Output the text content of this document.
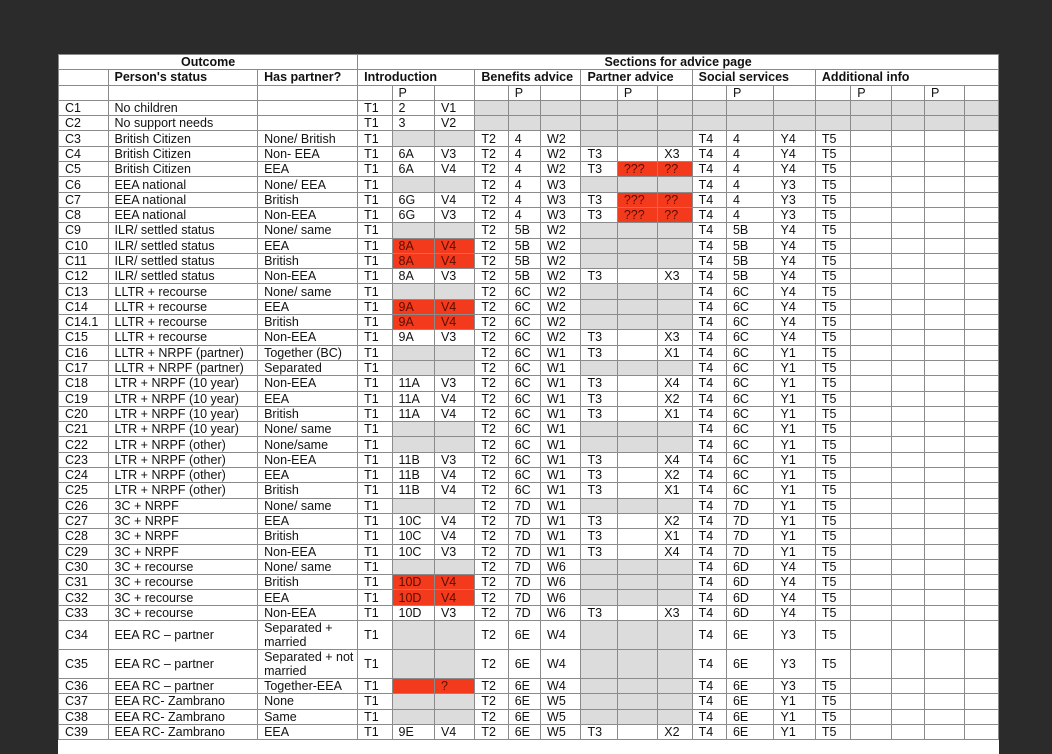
Outcome			Sections for advice page																
	Person's status	Has partner?	Introduction			Benefits advice			Partner advice			Social services			Additional info				
				P			P			P			P			P		P	
C1	No children		T1	2	V1														
C2	No support needs		T1	3	V2														
C3	British Citizen	None/ British	T1			T2	4	W2				T4	4	Y4	T5				
C4	British Citizen	Non- EEA	T1	6A	V3	T2	4	W2	T3		X3	T4	4	Y4	T5				
C5	British Citizen	EEA	T1	6A	V4	T2	4	W2	T3	???	??	T4	4	Y4	T5				
C6	EEA national	None/ EEA	T1			T2	4	W3				T4	4	Y3	T5				
C7	EEA national	British	T1	6G	V4	T2	4	W3	T3	???	??	T4	4	Y3	T5				
C8	EEA national	Non-EEA	T1	6G	V3	T2	4	W3	T3	???	??	T4	4	Y3	T5				
C9	ILR/ settled status	None/ same	T1			T2	5B	W2				T4	5B	Y4	T5				
C10	ILR/ settled status	EEA	T1	8A	V4	T2	5B	W2				T4	5B	Y4	T5				
C11	ILR/ settled status	British	T1	8A	V4	T2	5B	W2				T4	5B	Y4	T5				
C12	ILR/ settled status	Non-EEA	T1	8A	V3	T2	5B	W2	T3		X3	T4	5B	Y4	T5				
C13	LLTR + recourse	None/ same	T1			T2	6C	W2				T4	6C	Y4	T5				
C14	LLTR + recourse	EEA	T1	9A	V4	T2	6C	W2				T4	6C	Y4	T5				
C14.1	LLTR + recourse	British	T1	9A	V4	T2	6C	W2				T4	6C	Y4	T5				
C15	LLTR + recourse	Non-EEA	T1	9A	V3	T2	6C	W2	T3		X3	T4	6C	Y4	T5				
C16	LLTR + NRPF (partner)	Together (BC)	T1			T2	6C	W1	T3		X1	T4	6C	Y1	T5				
C17	LLTR + NRPF (partner)	Separated	T1			T2	6C	W1				T4	6C	Y1	T5				
C18	LTR + NRPF (10 year)	Non-EEA	T1	11A	V3	T2	6C	W1	T3		X4	T4	6C	Y1	T5				
C19	LTR + NRPF (10 year)	EEA	T1	11A	V4	T2	6C	W1	T3		X2	T4	6C	Y1	T5				
C20	LTR + NRPF (10 year)	British	T1	11A	V4	T2	6C	W1	T3		X1	T4	6C	Y1	T5				
C21	LTR + NRPF (10 year)	None/ same	T1			T2	6C	W1				T4	6C	Y1	T5				
C22	LTR + NRPF (other)	None/same	T1			T2	6C	W1				T4	6C	Y1	T5				
C23	LTR + NRPF (other)	Non-EEA	T1	11B	V3	T2	6C	W1	T3		X4	T4	6C	Y1	T5				
C24	LTR + NRPF (other)	EEA	T1	11B	V4	T2	6C	W1	T3		X2	T4	6C	Y1	T5				
C25	LTR + NRPF (other)	British	T1	11B	V4	T2	6C	W1	T3		X1	T4	6C	Y1	T5				
C26	3C + NRPF	None/ same	T1			T2	7D	W1				T4	7D	Y1	T5				
C27	3C + NRPF	EEA	T1	10C	V4	T2	7D	W1	T3		X2	T4	7D	Y1	T5				
C28	3C + NRPF	British	T1	10C	V4	T2	7D	W1	T3		X1	T4	7D	Y1	T5				
C29	3C + NRPF	Non-EEA	T1	10C	V3	T2	7D	W1	T3		X4	T4	7D	Y1	T5				
C30	3C + recourse	None/ same	T1			T2	7D	W6				T4	6D	Y4	T5				
C31	3C + recourse	British	T1	10D	V4	T2	7D	W6				T4	6D	Y4	T5				
C32	3C + recourse	EEA	T1	10D	V4	T2	7D	W6				T4	6D	Y4	T5				
C33	3C + recourse	Non-EEA	T1	10D	V3	T2	7D	W6	T3		X3	T4	6D	Y4	T5				
C34	EEA RC – partner	Separated + married	T1			T2	6E	W4				T4	6E	Y3	T5				
C35	EEA RC – partner	Separated + not married	T1			T2	6E	W4				T4	6E	Y3	T5				
C36	EEA RC – partner	Together-EEA	T1		?	T2	6E	W4				T4	6E	Y3	T5				
C37	EEA RC- Zambrano	None	T1			T2	6E	W5				T4	6E	Y1	T5				
C38	EEA RC- Zambrano	Same	T1			T2	6E	W5				T4	6E	Y1	T5				
C39	EEA RC- Zambrano	EEA	T1	9E	V4	T2	6E	W5	T3		X2	T4	6E	Y1	T5				
